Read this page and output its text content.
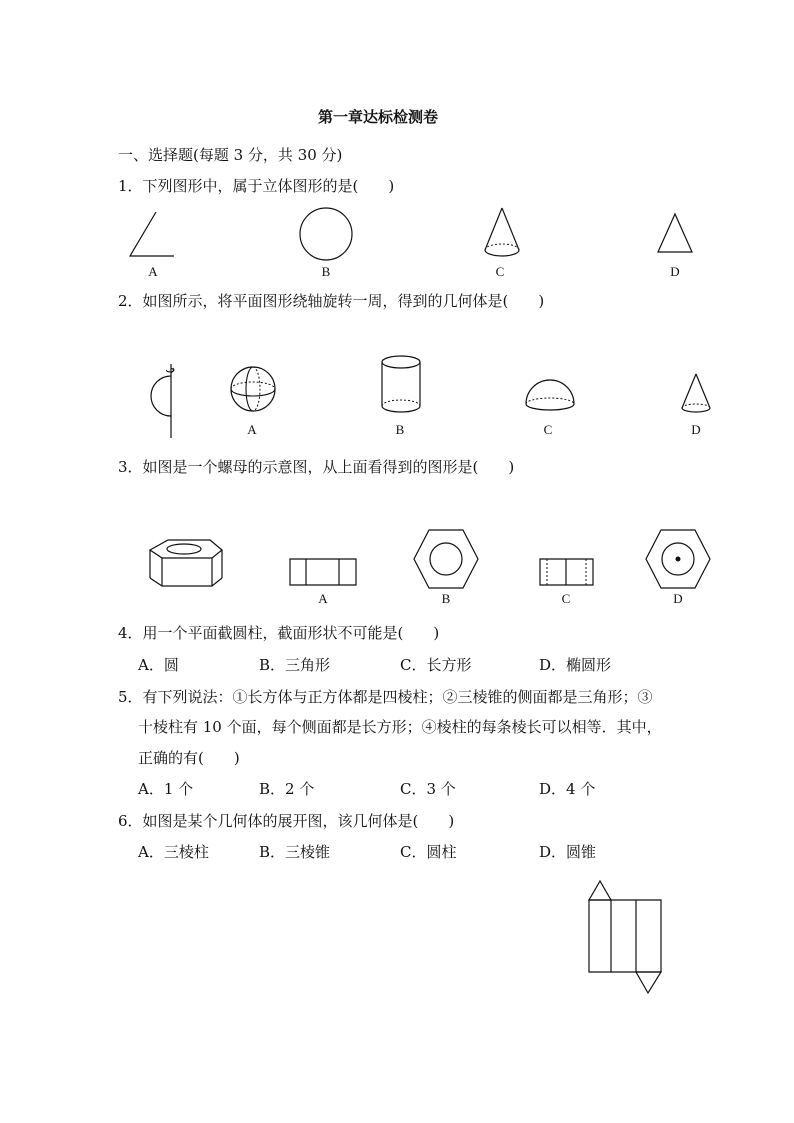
第一章达标检测卷
一、选择题(每题 3 分，共 30 分)
1．下列图形中，属于立体图形的是(　　)
A	B	C	D
2．如图所示，将平面图形绕轴旋转一周，得到的几何体是(　　)
A	B	C	D
3．如图是一个螺母的示意图，从上面看得到的图形是(　　)
A	B	C	D
4．用一个平面截圆柱，截面形状不可能是(　　)
A．圆	B．三角形	C．长方形	D．椭圆形
5．有下列说法：①长方体与正方体都是四棱柱；②三棱锥的侧面都是三角形；③
十棱柱有 10 个面，每个侧面都是长方形；④棱柱的每条棱长可以相等．其中，
正确的有(　　)
A．1 个	B．2 个	C．3 个	D．4 个
6．如图是某个几何体的展开图，该几何体是(　　)
A．三棱柱	B．三棱锥	C．圆柱	D．圆锥
